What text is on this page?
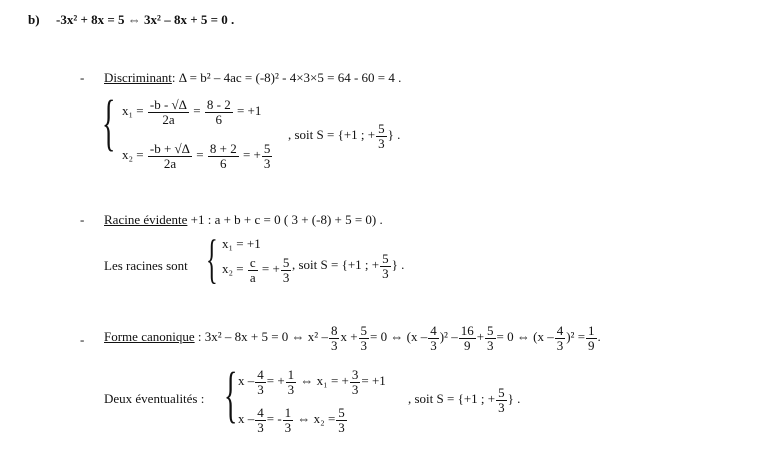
b) -3x² + 8x = 5 ⇔ 3x² – 8x + 5 = 0 .
- Discriminant: Δ = b² – 4ac = (-8)² - 4×3×5 = 64 - 60 = 4 .
{ $x_1 = \frac{-b - √\Delta}{2a} = \frac{8 - 2}{6} = +1$
$x_2 = \frac{-b + √\Delta}{2a} = \frac{8 + 2}{6}$ = + $\frac{5}{3}$
, soit S = {+1 ; + $\frac{5}{3}$ } .
- Racine évidente +1 : a + b + c = 0 ( 3 + (-8) + 5 = 0) .
Les racines sont { x₁ = +1
$x_2 = \frac{c}{a}$ = + $\frac{5}{3}$ , soit S = {+1 ; + $\frac{5}{3}$ } .
- Forme canonique : 3x² – 8x + 5 = 0 ⇔ $x^2 - \frac{8}{3}$ $x + \frac{5}{3} = 0$ ⇔ $(x - \frac{4}{3} )^2 - \frac{16}{9} + \frac{5}{3} = 0$ ⇔ $(x - \frac{4}{3} )^2 = \frac{1}{9}$ .
Deux éventualités : { x – $\frac{4}{3}$ = + $\frac{1}{3}$ ⇔ x₁ = + $\frac{3}{3} = +1$
x – $\frac{4}{3}$ = - $\frac{1}{3}$ ⇔ $x_2 = \frac{5}{3}$
, soit S = {+1 ; + $\frac{5}{3}$ } .
